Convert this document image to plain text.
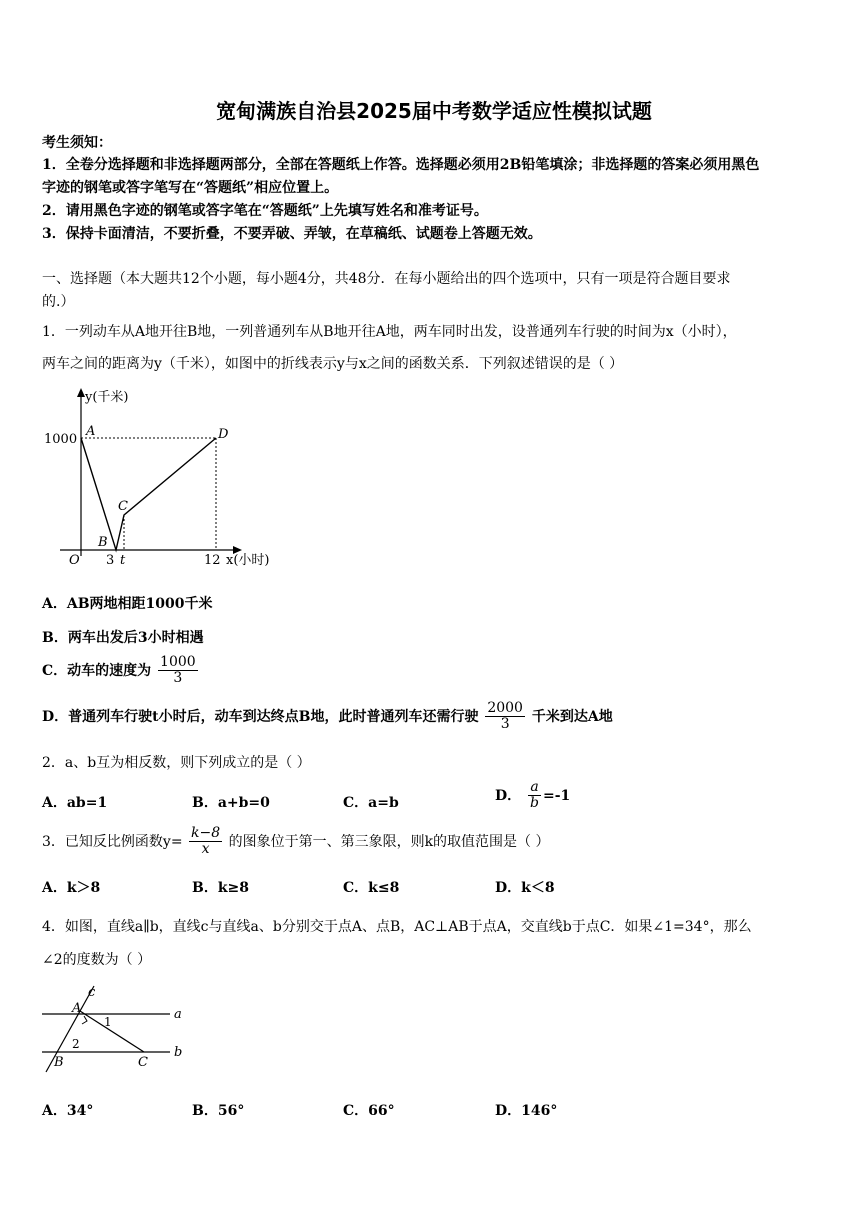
宽甸满族自治县2025届中考数学适应性模拟试题
考生须知：
1．全卷分选择题和非选择题两部分，全部在答题纸上作答。选择题必须用2B铅笔填涂；非选择题的答案必须用黑色
字迹的钢笔或答字笔写在“答题纸”相应位置上。
2．请用黑色字迹的钢笔或答字笔在“答题纸”上先填写姓名和准考证号。
3．保持卡面清洁，不要折叠，不要弄破、弄皱，在草稿纸、试题卷上答题无效。
一、选择题（本大题共12个小题，每小题4分，共48分．在每小题给出的四个选项中，只有一项是符合题目要求
的.）
1．一列动车从A地开往B地，一列普通列车从B地开往A地，两车同时出发，设普通列车行驶的时间为x（小时），
两车之间的距离为y（千米），如图中的折线表示y与x之间的函数关系．下列叙述错误的是（ ）
y(千米)
1000
A	D
C
B
O 3 t	12 x(小时)
A．AB两地相距1000千米
B．两车出发后3小时相遇
C．动车的速度为 $\frac{1000}{3}$
D．普通列车行驶t小时后，动车到达终点B地，此时普通列车还需行驶 $\frac{2000}{3}$ 千米到达A地
2．a、b互为相反数，则下列成立的是（ ）
A．ab=1	B．a+b=0	C．a=b	D． $\frac{a}{b} =-1$
3．已知反比例函数$y= \frac{k-8}{x}$ 的图象位于第一、第三象限，则k的取值范围是（ ）
A．k＞8	B．k≥8	C．k≤8	D．k＜8
4．如图，直线a∥b，直线c与直线a、b分别交于点A、点B，AC⊥AB于点A，交直线b于点C．如果∠1=34°，那么
∠2的度数为（ ）
c
A
1	a
2
B	C
b
A．34°	B．56°	C．66°	D．146°
